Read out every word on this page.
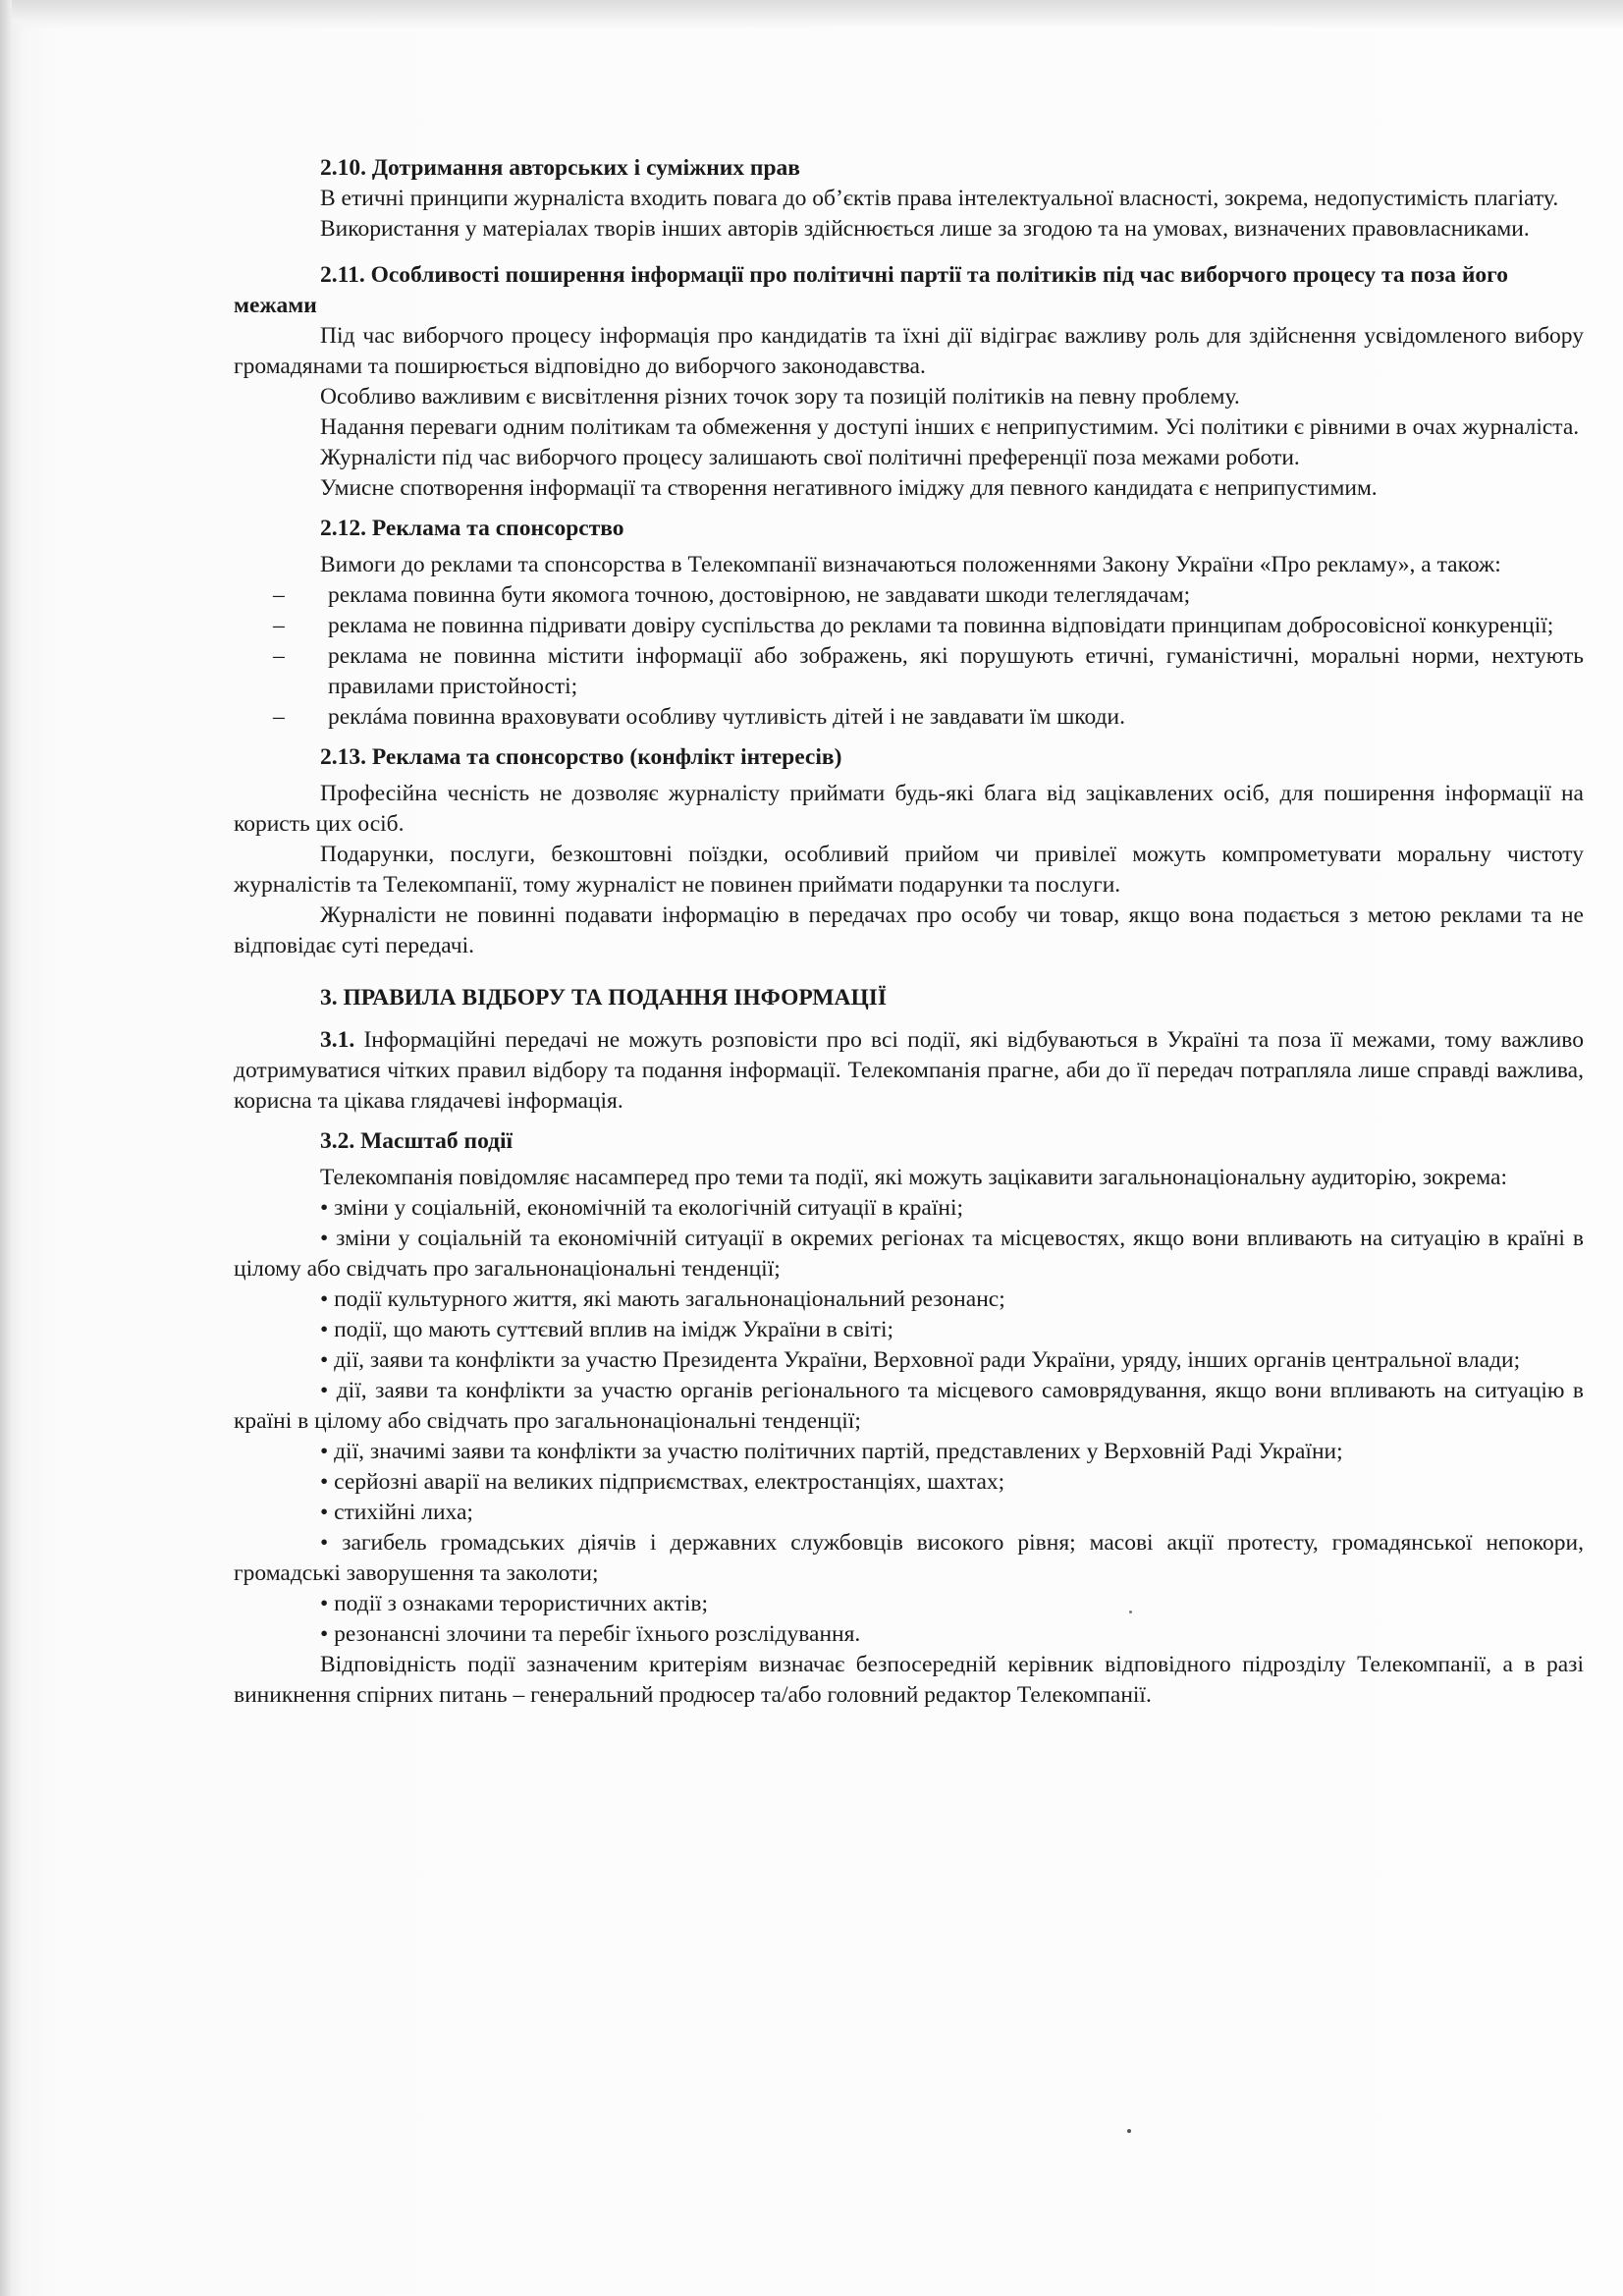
2.10. Дотримання авторських і суміжних прав

В етичні принципи журналіста входить повага до об’єктів права інтелектуальної власності, зокрема, недопустимість плагіату.

Використання у матеріалах творів інших авторів здійснюється лише за згодою та на умовах, визначених правовласниками.

2.11. Особливості поширення інформації про політичні партії та політиків під час виборчого процесу та поза його межами

Під час виборчого процесу інформація про кандидатів та їхні дії відіграє важливу роль для здійснення усвідомленого вибору громадянами та поширюється відповідно до виборчого законодавства.

Особливо важливим є висвітлення різних точок зору та позицій політиків на певну проблему.

Надання переваги одним політикам та обмеження у доступі інших є неприпустимим. Усі політики є рівними в очах журналіста.

Журналісти під час виборчого процесу залишають свої політичні преференції поза межами роботи.

Умисне спотворення інформації та створення негативного іміджу для певного кандидата є неприпустимим.

2.12. Реклама та спонсорство

Вимоги до реклами та спонсорства в Телекомпанії визначаються положеннями Закону України «Про рекламу», а також:

– реклама повинна бути якомога точною, достовірною, не завдавати шкоди телеглядачам;
– реклама не повинна підривати довіру суспільства до реклами та повинна відповідати принципам добросовісної конкуренції;
– реклама не повинна містити інформації або зображень, які порушують етичні, гуманістичні, моральні норми, нехтують правилами пристойності;
– реклáма повинна враховувати особливу чутливість дітей і не завдавати їм шкоди.
2.13. Реклама та спонсорство (конфлікт інтересів)

Професійна чесність не дозволяє журналісту приймати будь-які блага від зацікавлених осіб, для поширення інформації на користь цих осіб.

Подарунки, послуги, безкоштовні поїздки, особливий прийом чи привілеї можуть компрометувати моральну чистоту журналістів та Телекомпанії, тому журналіст не повинен приймати подарунки та послуги.

Журналісти не повинні подавати інформацію в передачах про особу чи товар, якщо вона подається з метою реклами та не відповідає суті передачі.

3. ПРАВИЛА ВІДБОРУ ТА ПОДАННЯ ІНФОРМАЦІЇ

3.1. Інформаційні передачі не можуть розповісти про всі події, які відбуваються в Україні та поза її межами, тому важливо дотримуватися чітких правил відбору та подання інформації. Телекомпанія прагне, аби до її передач потрапляла лише справді важлива, корисна та цікава глядачеві інформація.

3.2. Масштаб події

Телекомпанія повідомляє насамперед про теми та події, які можуть зацікавити загальнонаціональну аудиторію, зокрема:

• зміни у соціальній, економічній та екологічній ситуації в країні;
• зміни у соціальній та економічній ситуації в окремих регіонах та місцевостях, якщо вони впливають на ситуацію в країні в цілому або свідчать про загальнонаціональні тенденції;
• події культурного життя, які мають загальнонаціональний резонанс;
• події, що мають суттєвий вплив на імідж України в світі;
• дії, заяви та конфлікти за участю Президента України, Верховної ради України, уряду, інших органів центральної влади;
• дії, заяви та конфлікти за участю органів регіонального та місцевого самоврядування, якщо вони впливають на ситуацію в країні в цілому або свідчать про загальнонаціональні тенденції;
• дії, значимі заяви та конфлікти за участю політичних партій, представлених у Верховній Раді України;
• серйозні аварії на великих підприємствах, електростанціях, шахтах;
• стихійні лиха;
• загибель громадських діячів і державних службовців високого рівня; масові акції протесту, громадянської непокори, громадські заворушення та заколоти;
• події з ознаками терористичних актів;
• резонансні злочини та перебіг їхнього розслідування.

Відповідність події зазначеним критеріям визначає безпосередній керівник відповідного підрозділу Телекомпанії, а в разі виникнення спірних питань – генеральний продюсер та/або головний редактор Телекомпанії.
